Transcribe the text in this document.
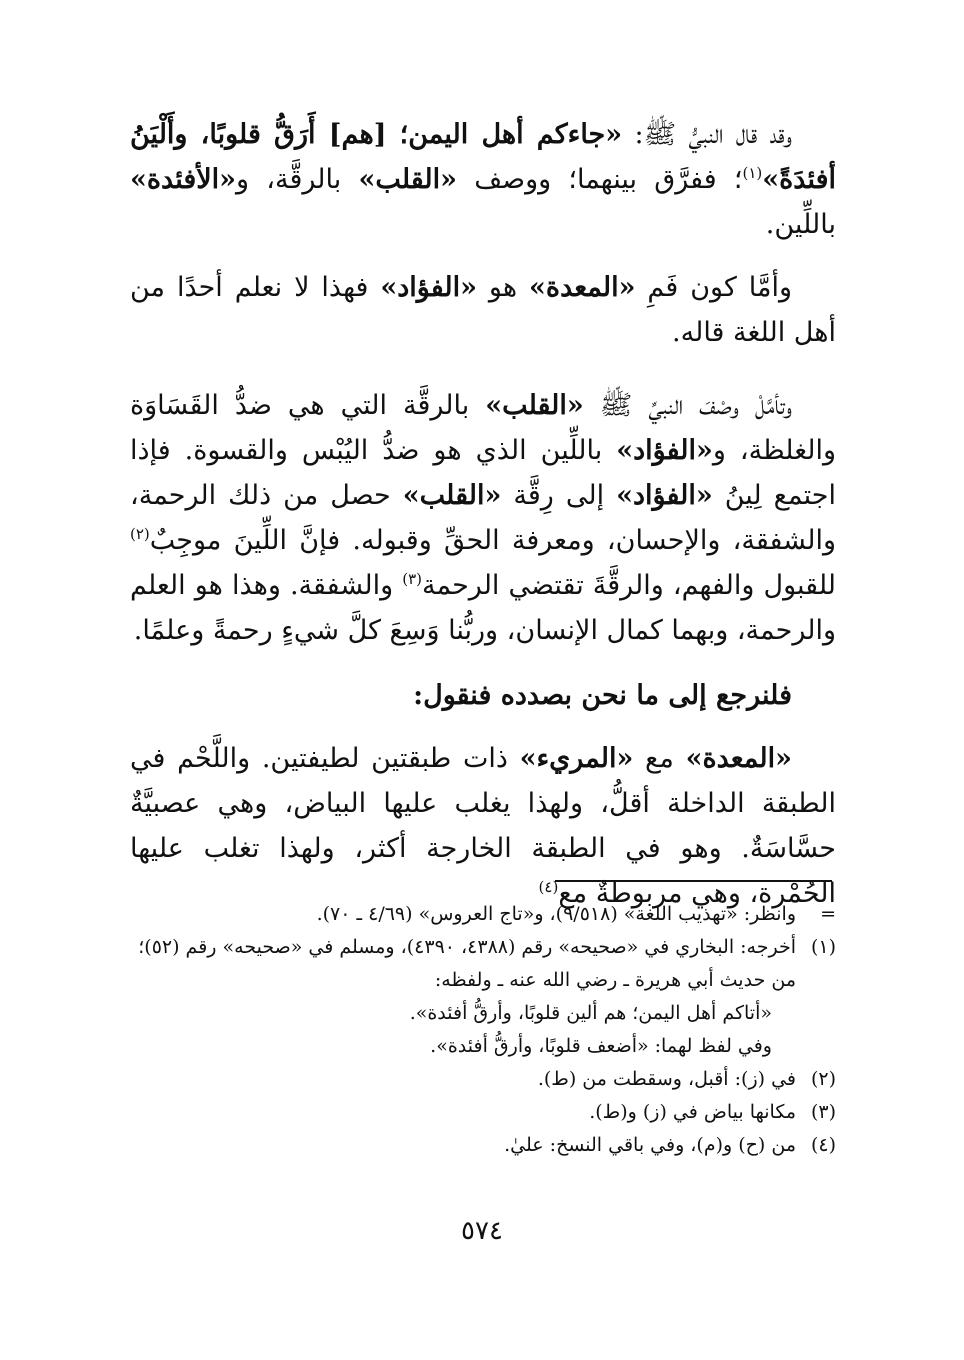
وقد قال النبيُّ ﷺ: «جاءكم أهل اليمن؛ [هم] أَرَقُّ قلوبًا، وأَلْيَنُ أفئدَةً»$^{(١)}$؛ ففرَّق بينهما؛ ووصف «القلب» بالرقَّة، و«الأفئدة» باللِّين.

وأمَّا كون فَمِ «المعدة» هو «الفؤاد» فهذا لا نعلم أحدًا من أهل اللغة قاله.

وتأمَّلْ وصْفَ النبيِّ ﷺ «القلب» بالرقَّة التي هي ضدُّ القَسَاوَة والغلظة، و«الفؤاد» باللِّين الذي هو ضدُّ اليُبْس والقسوة. فإذا اجتمع لِينُ «الفؤاد» إلى رِقَّة «القلب» حصل من ذلك الرحمة، والشفقة، والإحسان، ومعرفة الحقِّ وقبوله. فإنَّ اللِّينَ موجِبٌ$^{(٢)}$ للقبول والفهم، والرقَّةَ تقتضي الرحمة$^{(٣)}$ والشفقة. وهذا هو العلم والرحمة، وبهما كمال الإنسان، وربُّنا وَسِعَ كلَّ شيءٍ رحمةً وعلمًا.

فلنرجع إلى ما نحن بصدده فنقول:

«المعدة» مع «المريء» ذات طبقتين لطيفتين. واللَّحْم في الطبقة الداخلة أقلُّ، ولهذا يغلب عليها البياض، وهي عصبيَّةٌ حسَّاسَةٌ. وهو في الطبقة الخارجة أكثر، ولهذا تغلب عليها الحُمْرة، وهي مربوطةٌ مع$^{(٤)}$

=
وانظر: «تهذيب اللغة» (٩/٥١٨)، و«تاج العروس» (٤/٦٩ ـ ٧٠).
(١)
أخرجه: البخاري في «صحيحه» رقم (٤٣٨٨، ٤٣٩٠)، ومسلم في «صحيحه» رقم (٥٢)؛ من حديث أبي هريرة ـ رضي الله عنه ـ ولفظه:
«أتاكم أهل اليمن؛ هم ألين قلوبًا، وأرقُّ أفئدة».
وفي لفظ لهما: «أضعف قلوبًا، وأرقُّ أفئدة».
(٢)
في (ز): أقبل، وسقطت من (ط).
(٣)
مكانها بياض في (ز) و(ط).
(٤)
من (ح) و(م)، وفي باقي النسخ: عليٰ.
٥٧٤
